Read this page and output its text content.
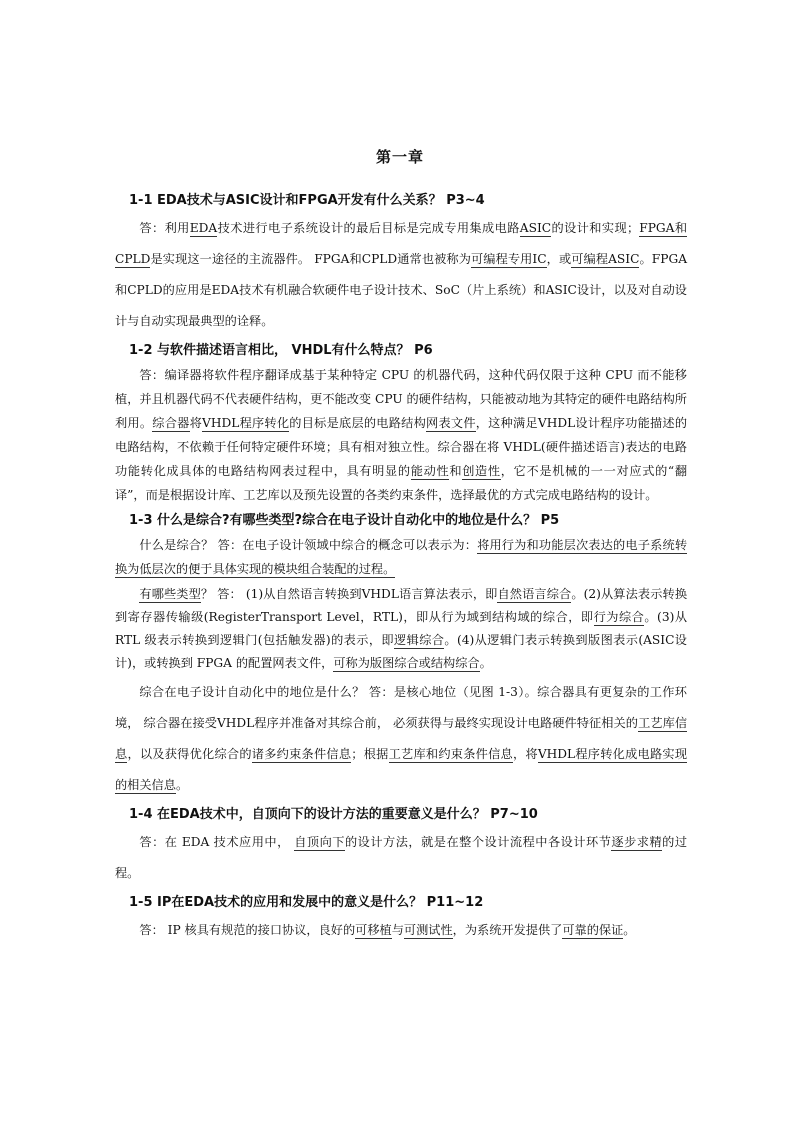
第一章
1-1 EDA技术与ASIC设计和FPGA开发有什么关系？ P3~4

答：利用EDA技术进行电子系统设计的最后目标是完成专用集成电路ASIC的设计和实现；FPGA和CPLD是实现这一途径的主流器件。 FPGA和CPLD通常也被称为可编程专用IC，或可编程ASIC。FPGA和CPLD的应用是EDA技术有机融合软硬件电子设计技术、SoC（片上系统）和ASIC设计，以及对自动设计与自动实现最典型的诠释。

1-2 与软件描述语言相比， VHDL有什么特点？ P6

答：编译器将软件程序翻译成基于某种特定 CPU 的机器代码，这种代码仅限于这种 CPU 而不能移植，并且机器代码不代表硬件结构，更不能改变 CPU 的硬件结构，只能被动地为其特定的硬件电路结构所利用。综合器将VHDL程序转化的目标是底层的电路结构网表文件，这种满足VHDL设计程序功能描述的电路结构，不依赖于任何特定硬件环境；具有相对独立性。综合器在将 VHDL(硬件描述语言)表达的电路功能转化成具体的电路结构网表过程中，具有明显的能动性和创造性，它不是机械的一一对应式的“翻译”，而是根据设计库、工艺库以及预先设置的各类约束条件，选择最优的方式完成电路结构的设计。

1-3 什么是综合?有哪些类型?综合在电子设计自动化中的地位是什么？ P5

什么是综合？ 答：在电子设计领域中综合的概念可以表示为：将用行为和功能层次表达的电子系统转换为低层次的便于具体实现的模块组合装配的过程。

有哪些类型？ 答： (1)从自然语言转换到VHDL语言算法表示，即自然语言综合。(2)从算法表示转换到寄存器传输级(RegisterTransport Level，RTL)，即从行为域到结构域的综合，即行为综合。(3)从 RTL 级表示转换到逻辑门(包括触发器)的表示，即逻辑综合。(4)从逻辑门表示转换到版图表示(ASIC设计)，或转换到 FPGA 的配置网表文件，可称为版图综合或结构综合。

综合在电子设计自动化中的地位是什么？ 答：是核心地位（见图 1-3）。综合器具有更复杂的工作环境， 综合器在接受VHDL程序并准备对其综合前， 必须获得与最终实现设计电路硬件特征相关的工艺库信息，以及获得优化综合的诸多约束条件信息；根据工艺库和约束条件信息，将VHDL程序转化成电路实现的相关信息。

1-4 在EDA技术中，自顶向下的设计方法的重要意义是什么？ P7~10

答：在 EDA 技术应用中， 自顶向下的设计方法，就是在整个设计流程中各设计环节逐步求精的过程。

1-5 IP在EDA技术的应用和发展中的意义是什么？ P11~12

答： IP 核具有规范的接口协议，良好的可移植与可测试性，为系统开发提供了可靠的保证。
